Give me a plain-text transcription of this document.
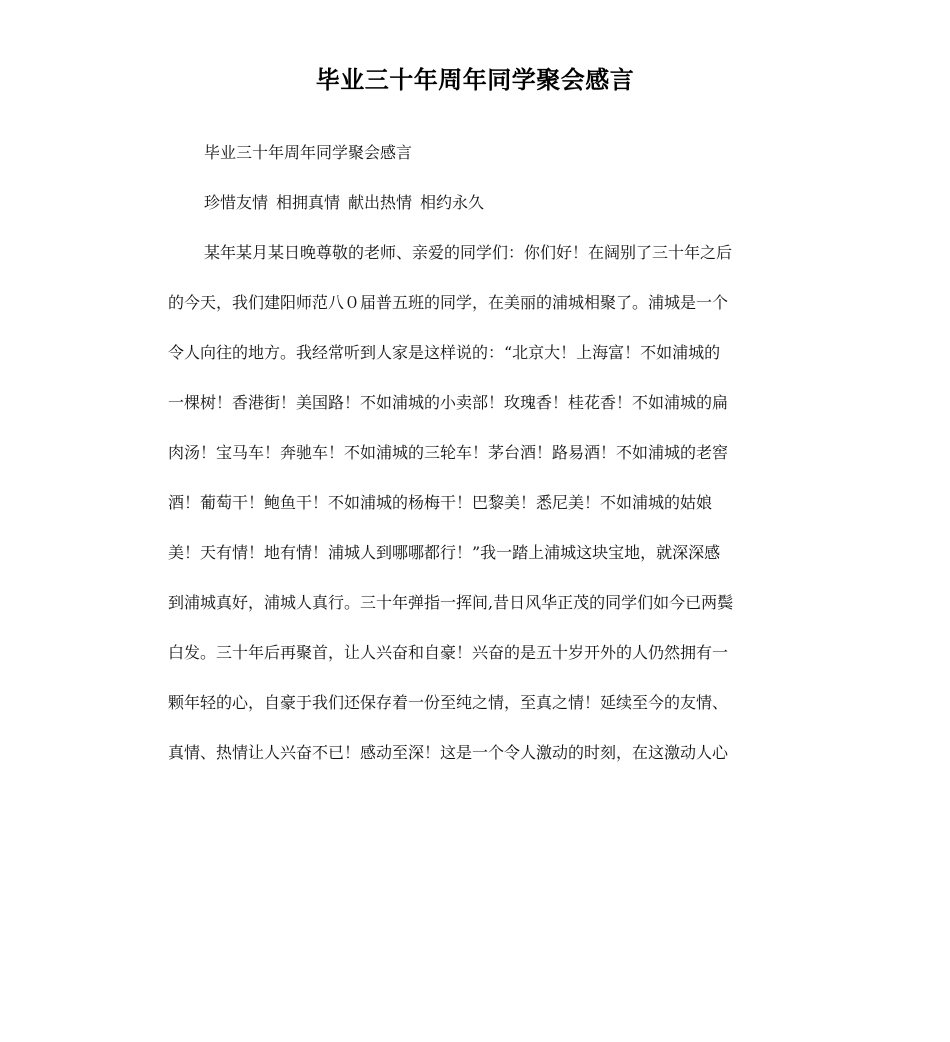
毕业三十年周年同学聚会感言

毕业三十年周年同学聚会感言

珍惜友情 相拥真情 献出热情 相约永久

某年某月某日晚尊敬的老师、亲爱的同学们：你们好！在阔别了三十年之后
的今天，我们建阳师范八０届普五班的同学，在美丽的浦城相聚了。浦城是一个
令人向往的地方。我经常听到人家是这样说的：“北京大！上海富！不如浦城的
一棵树！香港街！美国路！不如浦城的小卖部！玫瑰香！桂花香！不如浦城的扁
肉汤！宝马车！奔驰车！不如浦城的三轮车！茅台酒！路易酒！不如浦城的老窖
酒！葡萄干！鲍鱼干！不如浦城的杨梅干！巴黎美！悉尼美！不如浦城的姑娘
美！天有情！地有情！浦城人到哪哪都行！”我一踏上浦城这块宝地，就深深感
到浦城真好，浦城人真行。三十年弹指一挥间,昔日风华正茂的同学们如今已两鬓
白发。三十年后再聚首，让人兴奋和自豪！兴奋的是五十岁开外的人仍然拥有一
颗年轻的心，自豪于我们还保存着一份至纯之情，至真之情！延续至今的友情、
真情、热情让人兴奋不已！感动至深！这是一个令人激动的时刻，在这激动人心
